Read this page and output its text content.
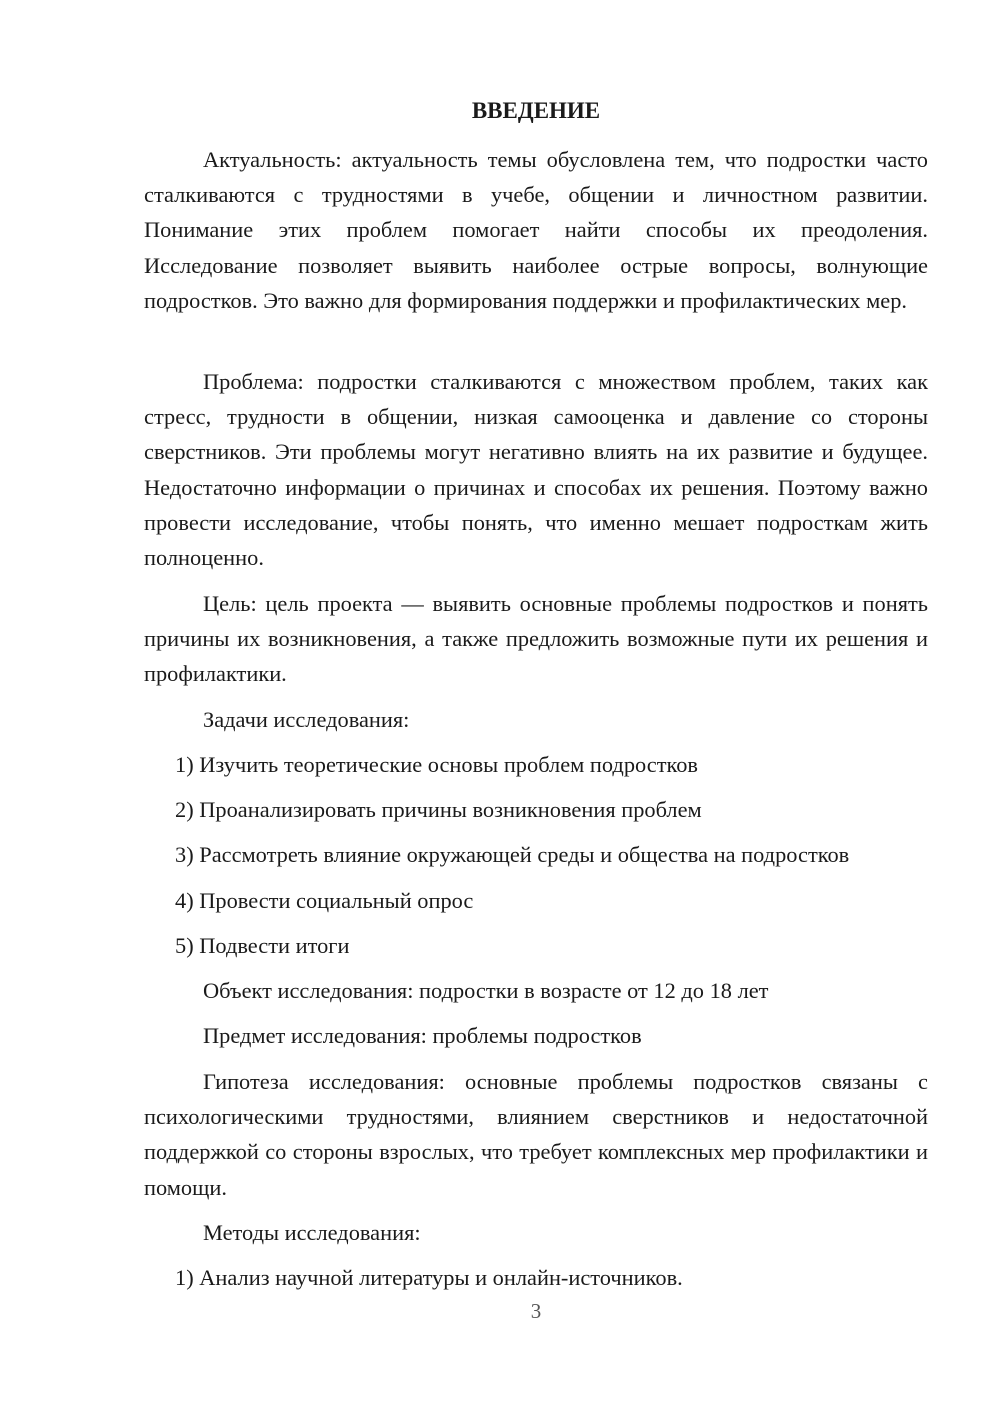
ВВЕДЕНИЕ

Актуальность: актуальность темы обусловлена тем, что подростки часто сталкиваются с трудностями в учебе, общении и личностном развитии. Понимание этих проблем помогает найти способы их преодоления. Исследование позволяет выявить наиболее острые вопросы, волнующие подростков. Это важно для формирования поддержки и профилактических мер.

Проблема: подростки сталкиваются с множеством проблем, таких как стресс, трудности в общении, низкая самооценка и давление со стороны сверстников. Эти проблемы могут негативно влиять на их развитие и будущее. Недостаточно информации о причинах и способах их решения. Поэтому важно провести исследование, чтобы понять, что именно мешает подросткам жить полноценно.

Цель: цель проекта — выявить основные проблемы подростков и понять причины их возникновения, а также предложить возможные пути их решения и профилактики.

Задачи исследования:

1) Изучить теоретические основы проблем подростков

2) Проанализировать причины возникновения проблем

3) Рассмотреть влияние окружающей среды и общества на подростков

4) Провести социальный опрос

5) Подвести итоги

Объект исследования: подростки в возрасте от 12 до 18 лет

Предмет исследования: проблемы подростков

Гипотеза исследования: основные проблемы подростков связаны с психологическими трудностями, влиянием сверстников и недостаточной поддержкой со стороны взрослых, что требует комплексных мер профилактики и помощи.

Методы исследования:

1) Анализ научной литературы и онлайн-источников.

3
